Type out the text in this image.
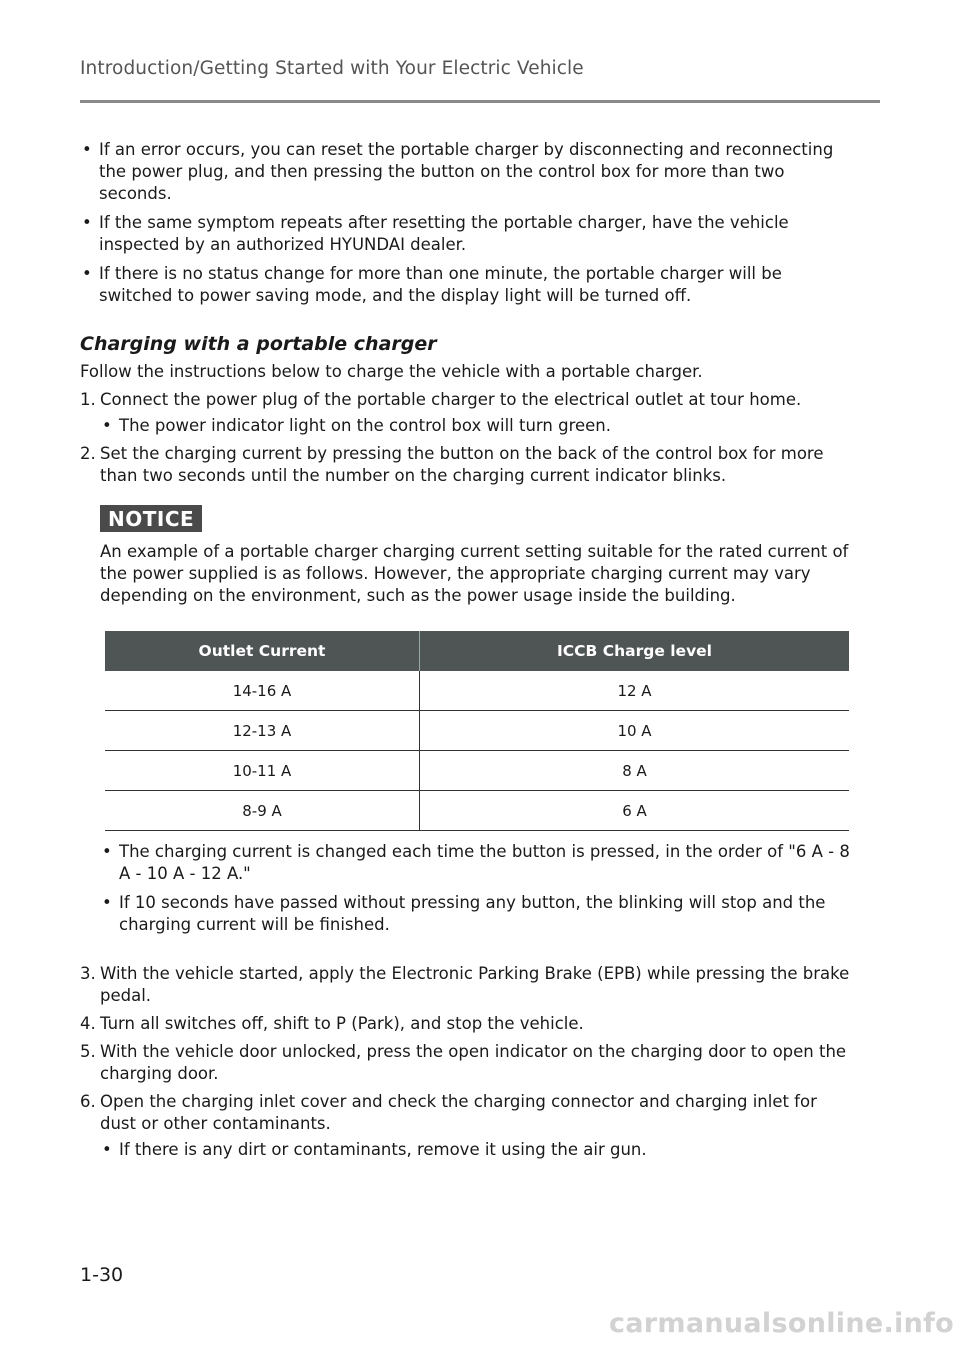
Introduction/Getting Started with Your Electric Vehicle
• If an error occurs, you can reset the portable charger by disconnecting and reconnecting the power plug, and then pressing the button on the control box for more than two seconds.
• If the same symptom repeats after resetting the portable charger, have the vehicle inspected by an authorized HYUNDAI dealer.
• If there is no status change for more than one minute, the portable charger will be switched to power saving mode, and the display light will be turned off.
Charging with a portable charger
Follow the instructions below to charge the vehicle with a portable charger.
1. Connect the power plug of the portable charger to the electrical outlet at tour home.
• The power indicator light on the control box will turn green.
2. Set the charging current by pressing the button on the back of the control box for more than two seconds until the number on the charging current indicator blinks.
NOTICE
An example of a portable charger charging current setting suitable for the rated current of the power supplied is as follows. However, the appropriate charging current may vary depending on the environment, such as the power usage inside the building.
Outlet Current	ICCB Charge level
14-16 A	12 A
12-13 A	10 A
10-11 A	8 A
8-9 A	6 A
• The charging current is changed each time the button is pressed, in the order of "6 A - 8 A - 10 A - 12 A."
• If 10 seconds have passed without pressing any button, the blinking will stop and the charging current will be finished.
3. With the vehicle started, apply the Electronic Parking Brake (EPB) while pressing the brake pedal.
4. Turn all switches off, shift to P (Park), and stop the vehicle.
5. With the vehicle door unlocked, press the open indicator on the charging door to open the charging door.
6. Open the charging inlet cover and check the charging connector and charging inlet for dust or other contaminants.
• If there is any dirt or contaminants, remove it using the air gun.
1-30
carmanualsonline.info
